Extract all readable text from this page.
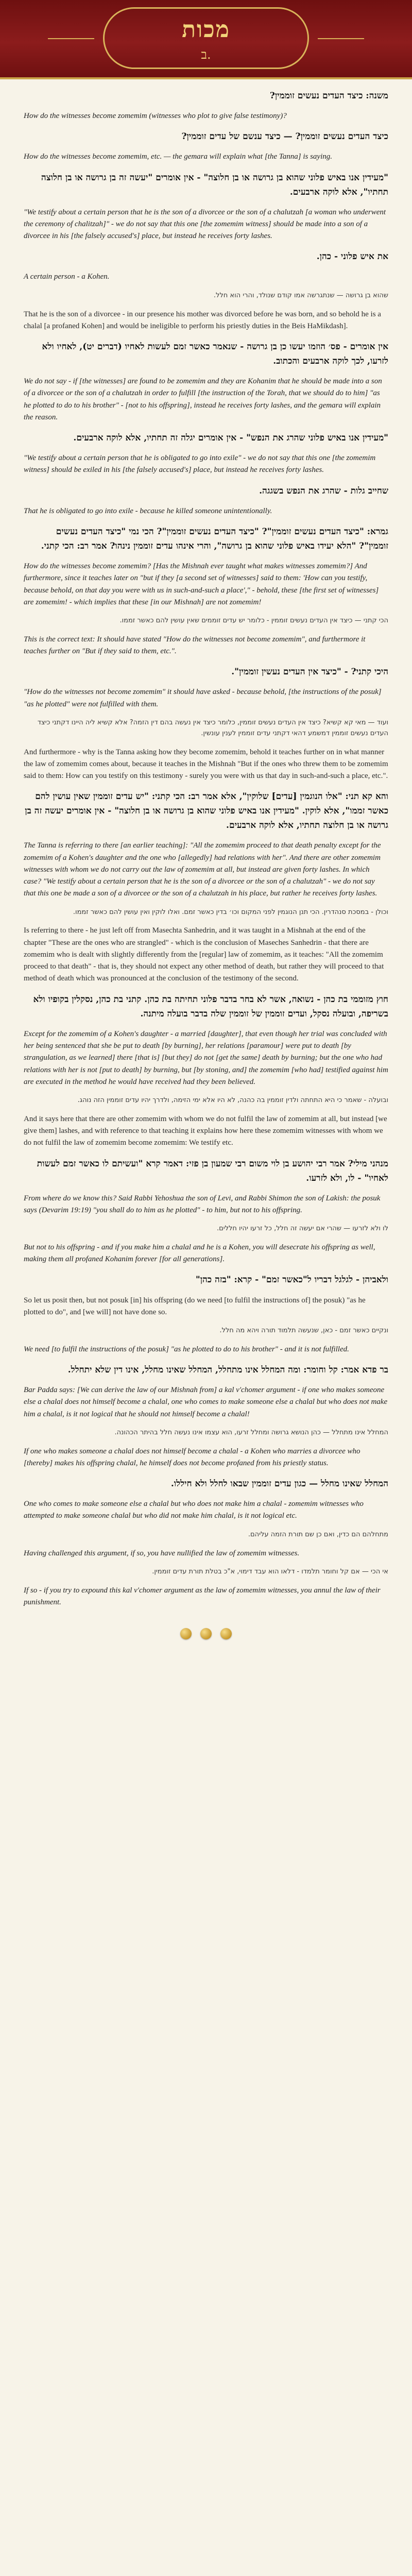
מכות
ב.
משנה: כיצד העדים נעשים זוממין?
How do the witnesses become zomemim (witnesses who plot to give false testimony)?
כיצד העדים נעשים זוממין? — כיצד ענשם של עדים זוממין?
How do the witnesses become zomemim, etc. — the gemara will explain what [the Tanna] is saying.
"מעידין אנו באיש פלוני שהוא בן גרושה או בן חלוצה" - אין אומרים "יעשה זה בן גרושה או בן חלוצה תחתיו", אלא לוקה ארבעים.
"We testify about a certain person that he is the son of a divorcee or the son of a chalutzah [a woman who underwent the ceremony of chalitzah]" - we do not say that this one [the zomemim witness] should be made into a son of a divorcee in his [the falsely accused's] place, but instead he receives forty lashes.
את איש פלוני - כהן.
A certain person - a Kohen.
שהוא בן גרושה — שנתגרשה אמו קודם שנולד, והרי הוא חלל.
That he is the son of a divorcee - in our presence his mother was divorced before he was born, and so behold he is a chalal [a profaned Kohen] and would be ineligible to perform his priestly duties in the Beis HaMikdash].
אין אומרים - פס׳ הוזמו יעשו כן בן גרושה - שנאמר כאשר זמם לעשות לאחיו (דברים יט), לאחיו ולא לזרעו, לכך לוקה ארבעים והכתוב.
We do not say - if [the witnesses] are found to be zomemim and they are Kohanim that he should be made into a son of a divorcee or the son of a chalutzah in order to fulfill [the instruction of the Torah, that we should do to him] "as he plotted to do to his brother" - [not to his offspring], instead he receives forty lashes, and the gemara will explain the reason.
"מעידין אנו באיש פלוני שהרג את הנפש" - אין אומרים יגלה זה תחתיו, אלא לוקה ארבעים.
"We testify about a certain person that he is obligated to go into exile" - we do not say that this one [the zomemim witness] should be exiled in his [the falsely accused's] place, but instead he receives forty lashes.
שחייב גלות - שהרג את הנפש בשגגה.
That he is obligated to go into exile - because he killed someone unintentionally.
גמרא: "כיצד העדים נעשים זוממין"? "כיצד העדים נעשים זוממין"? הכי נמי "כיצד העדים נעשים זוממין"? "הלא יעידו באיש פלוני שהוא בן גרושה", והרי אינהו עדים זוממין נינהו? אמר רב: הכי קתני.
How do the witnesses become zomemim? [Has the Mishnah ever taught what makes witnesses zomemim?] And furthermore, since it teaches later on "but if they [a second set of witnesses] said to them: 'How can you testify, because behold, on that day you were with us in such-and-such a place'," - behold, these [the first set of witnesses] are zomemim! - which implies that these [in our Mishnah] are not zomemim!
הכי קתני — כיצד אין העדים נעשים זוממין - כלומר יש עדים זוממים שאין עושין להם כאשר זממו.
This is the correct text: It should have stated "How do the witnesses not become zomemim", and furthermore it teaches further on "But if they said to them, etc.".
היכי קתני? - "כיצד אין העדים נעשין זוממין".
"How do the witnesses not become zomemim" it should have asked - because behold, [the instructions of the posuk] "as he plotted" were not fulfilled with them.
ועוד — מאי קא קשיא? כיצד אין העדים נעשים זוממין, כלומר כיצד אין נעשה בהם דין הזמה? אלא קשיא ליה היינו דקתני כיצד העדים נעשים זוממין דמשמע דהאי דקתני עדים זוממין לענין עונשין.
And furthermore - why is the Tanna asking how they become zomemim, behold it teaches further on in what manner the law of zomemim comes about, because it teaches in the Mishnah "But if the ones who threw them to be zomemim said to them: How can you testify on this testimony - surely you were with us that day in such-and-such a place, etc.".
והא קא תני: "אלו הנוגמין [עדים] שלוקין", אלא אמר רב: הכי קתני: "יש עדים זוממין שאין עושין להם כאשר זממו", אלא לוקין. "מעידין אנו באיש פלוני שהוא בן גרושה או בן חלוצה" - אין אומרים יעשה זה בן גרושה או בן חלוצה תחתיו, אלא לוקה ארבעים.
The Tanna is referring to there [an earlier teaching]: "All the zomemim proceed to that death penalty except for the zomemim of a Kohen's daughter and the one who [allegedly] had relations with her". And there are other zomemim witnesses with whom we do not carry out the law of zomemim at all, but instead are given forty lashes. In which case? "We testify about a certain person that he is the son of a divorcee or the son of a chalutzah" - we do not say that this one be made a son of a divorcee or the son of a chalutzah in his place, but rather he receives forty lashes.
וכולן - במסכת סנהדרין. הכי תנן הנוגמין לפני המקום וכו׳ בדין כאשר זמם. ואלו לוקין ואין עושין להם כאשר זממו.
Is referring to there - he just left off from Masechta Sanhedrin, and it was taught in a Mishnah at the end of the chapter "These are the ones who are strangled" - which is the conclusion of Maseches Sanhedrin - that there are zomemim who is dealt with slightly differently from the [regular] law of zomemim, as it teaches: "All the zomemim proceed to that death" - that is, they should not expect any other method of death, but rather they will proceed to that method of death which was pronounced at the conclusion of the testimony of the second.
חוץ מזוממי בת כהן - נשואה, אשר לא בחר בדבר פלוני תחיתה בת כהן. קתני בת כהן, נסקלין בקופיו ולא בשריפה, ובועלה נסקל, ועדים זוממין של זוממין שלה בדבר בועלה מיתנה.
Except for the zomemim of a Kohen's daughter - a married [daughter], that even though her trial was concluded with her being sentenced that she be put to death [by burning], her relations [paramour] were put to death [by strangulation, as we learned] there [that is] [but they] do not [get the same] death by burning; but the one who had relations with her is not [put to death] by burning, but [by stoning, and] the zomemim [who had] testified against him are executed in the method he would have received had they been believed.
ובועלה - שאמר כי היא התחתה ולדין זוממין בה כהנה, לא היו אלא ימי הזימה, ולדרך יהיו עדים זוממין הזה נוהג.
And it says here that there are other zomemim with whom we do not fulfil the law of zomemim at all, but instead [we give them] lashes, and with reference to that teaching it explains how here these zomemim witnesses with whom we do not fulfil the law of zomemim become zomemim: We testify etc.
מנהני מילי? אמר רבי יהושע בן לוי משום רבי שמעון בן פזי: דאמר קרא "ועשיתם לו כאשר זמם לעשות לאחיו" - לו, ולא לזרעו.
From where do we know this? Said Rabbi Yehoshua the son of Levi, and Rabbi Shimon the son of Lakish: the posuk says (Devarim 19:19) "you shall do to him as he plotted" - to him, but not to his offspring.
לו ולא לזרעו — שהרי אם יעשה זה חלל, כל זרעו יהיו חללים.
But not to his offspring - and if you make him a chalal and he is a Kohen, you will desecrate his offspring as well, making them all profaned Kohanim forever [for all generations].
ולאביהן - לגלגל דבריו ל"כאשר זמם" - קרא: "בזה כהן"
So let us posit then, but not posuk [in] his offspring (do we need [to fulfil the instructions of] the posuk) "as he plotted to do", and [we will] not have done so.
ונקיים כאשר זמם - כאן, שנעשה תלמוד תורה ויהא מה חלל.
We need [to fulfil the instructions of the posuk] "as he plotted to do to his brother" - and it is not fulfilled.
בר פדא אמר: קל וחומר: ומה המחלל אינו מתחלל, המחלל שאינו מחלל, אינו דין שלא יתחלל.
Bar Padda says: [We can derive the law of our Mishnah from] a kal v'chomer argument - if one who makes someone else a chalal does not himself become a chalal, one who comes to make someone else a chalal but who does not make him a chalal, is it not logical that he should not himself become a chalal!
המחלל אינו מתחלל — כהן הנושא גרושה ומחלל זרעו, הוא עצמו אינו נעשה חלל בהיתר הכהונה.
If one who makes someone a chalal does not himself become a chalal - a Kohen who marries a divorcee who [thereby] makes his offspring chalal, he himself does not become profaned from his priestly status.
המחלל שאינו מחלל — כגון עדים זוממין שבאו לחלל ולא חיללו.
One who comes to make someone else a chalal but who does not make him a chalal - zomemim witnesses who attempted to make someone chalal but who did not make him chalal, is it not logical etc.
מתחלהם הם כדין, ואם כן שם תורת הזמה עליהם.
Having challenged this argument, if so, you have nullified the law of zomemim witnesses.
אי הכי — אם קל וחומר תלמדו - דלאו הוא עבד דימוי, א"כ בטלת תורת עדים זוממין.
If so - if you try to expound this kal v'chomer argument as the law of zomemim witnesses, you annul the law of their punishment.
